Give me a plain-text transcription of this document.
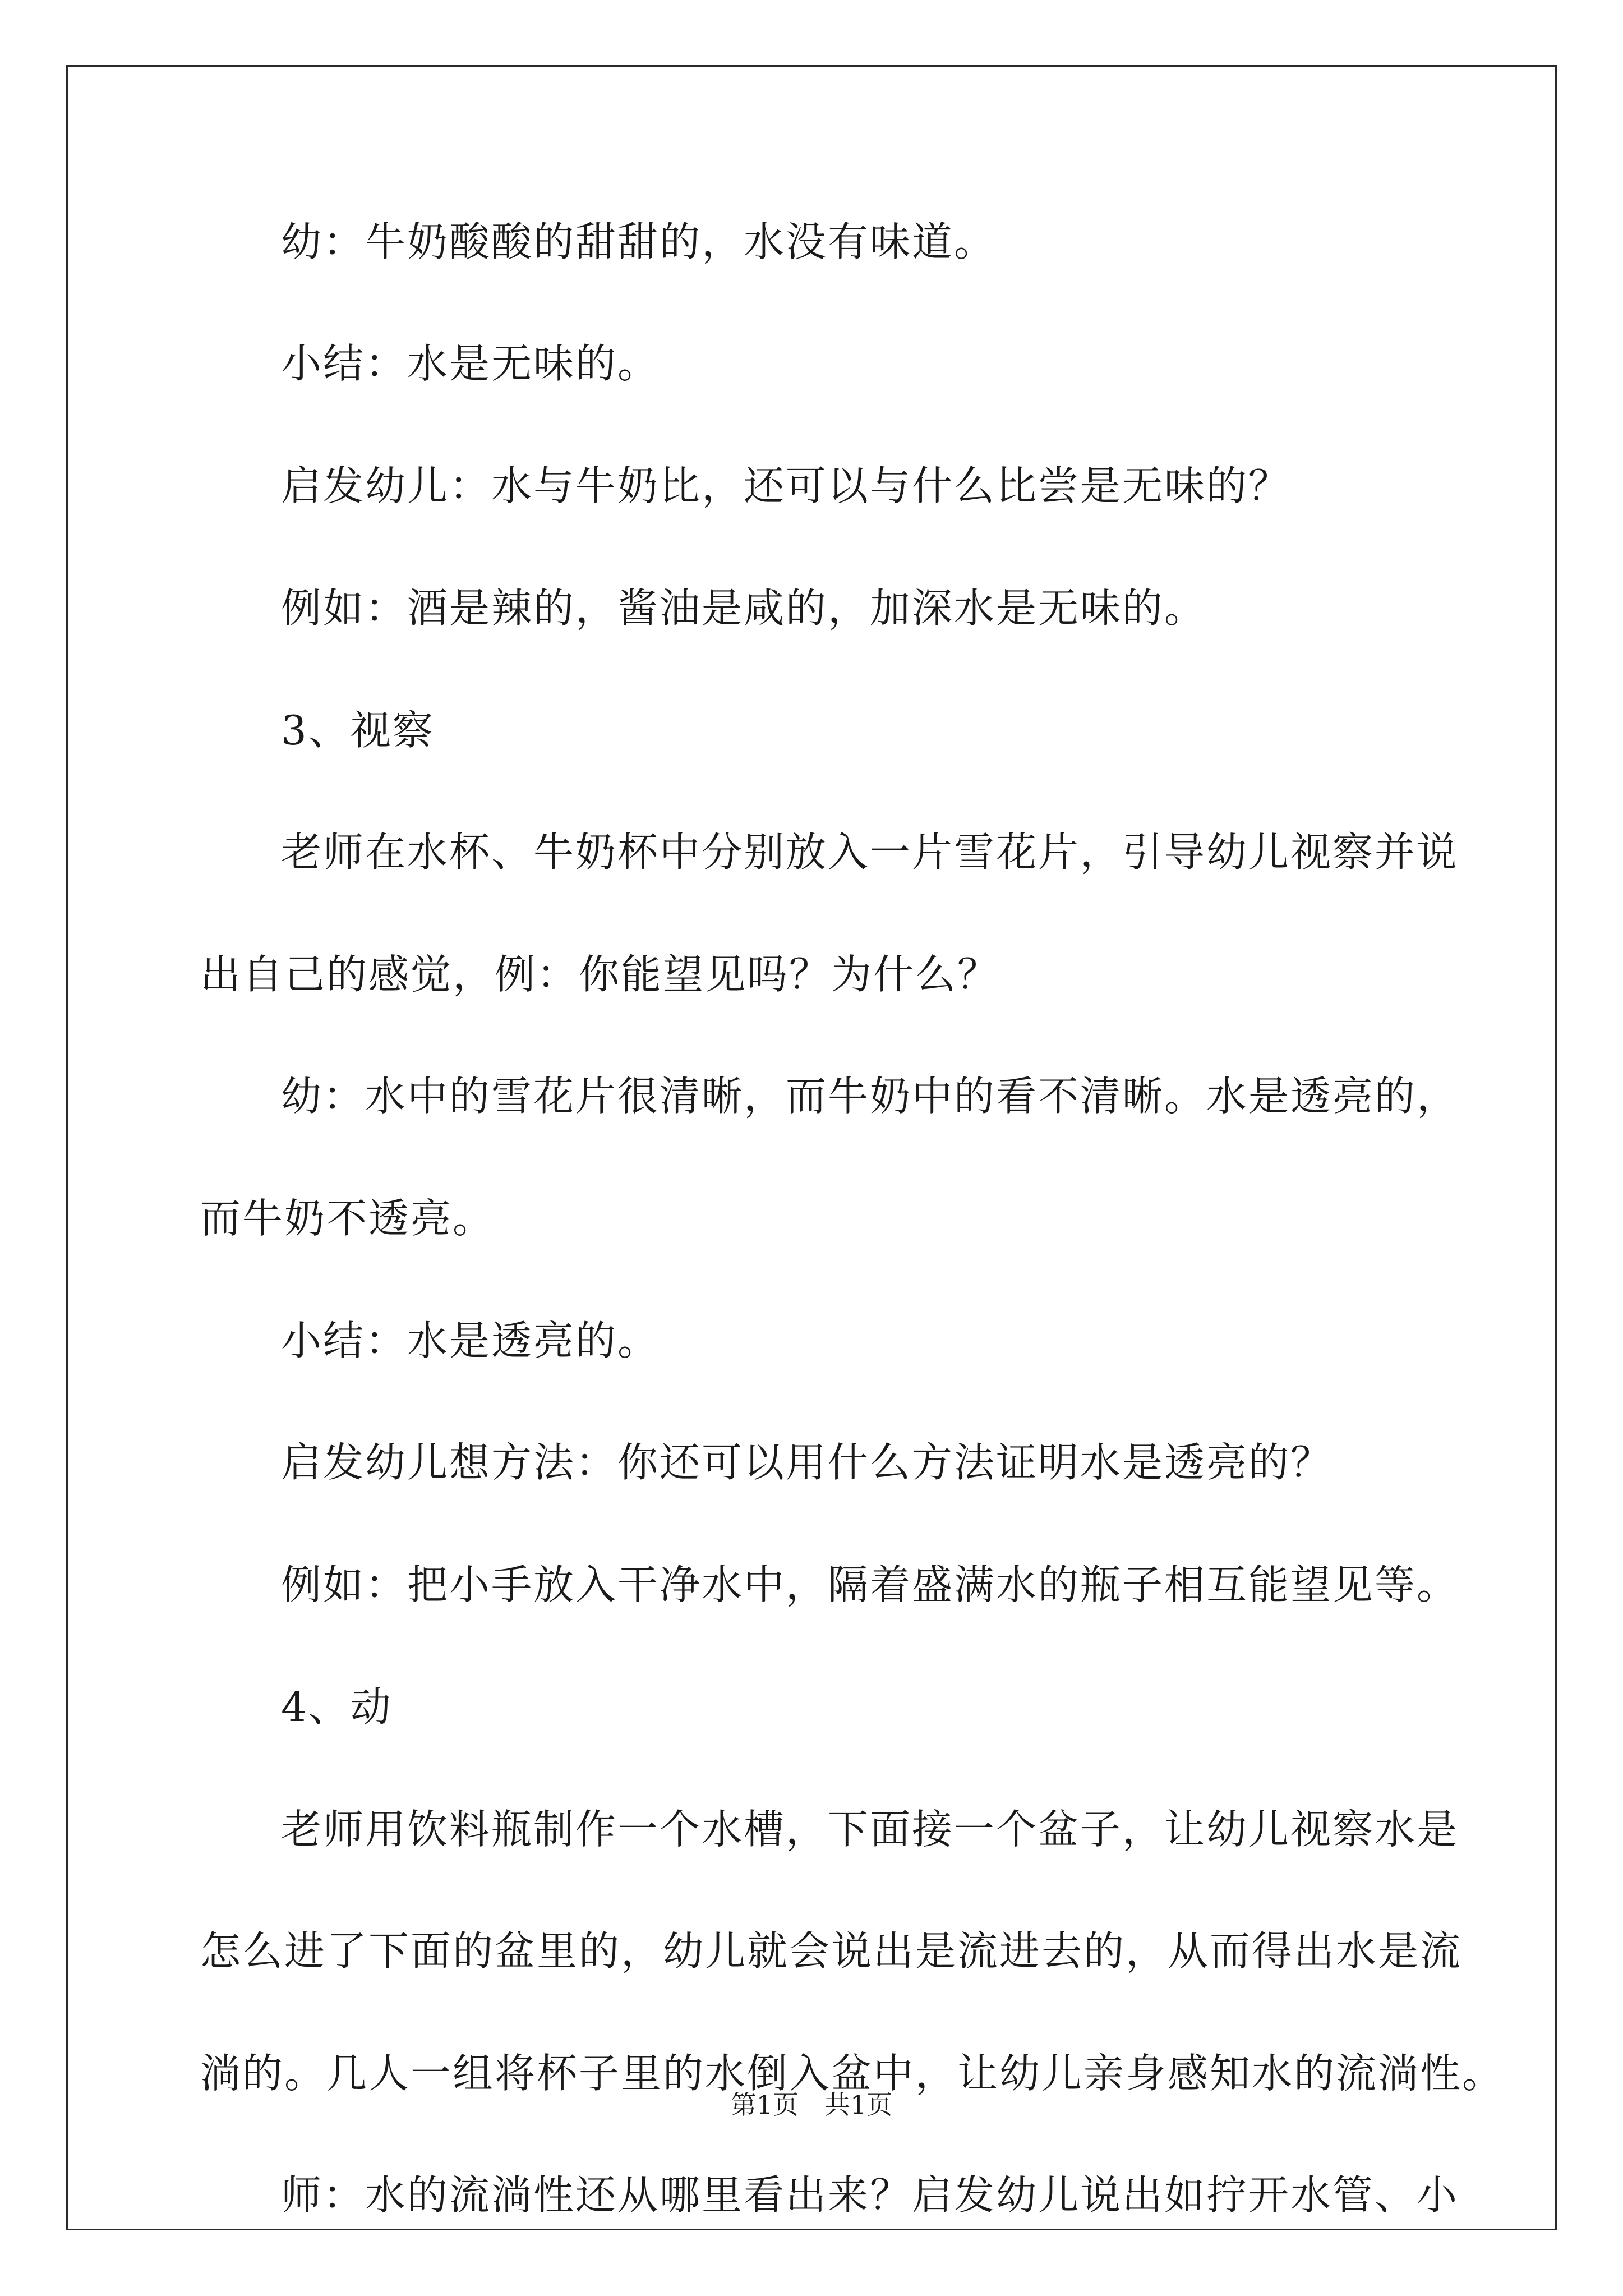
幼：牛奶酸酸的甜甜的，水没有味道。

小结：水是无味的。

启发幼儿：水与牛奶比，还可以与什么比尝是无味的？

例如：酒是辣的，酱油是咸的，加深水是无味的。

3、视察

老师在水杯、牛奶杯中分别放入一片雪花片，引导幼儿视察并说

出自己的感觉，例：你能望见吗？为什么？

幼：水中的雪花片很清晰，而牛奶中的看不清晰。水是透亮的，

而牛奶不透亮。

小结：水是透亮的。

启发幼儿想方法：你还可以用什么方法证明水是透亮的？

例如：把小手放入干净水中，隔着盛满水的瓶子相互能望见等。

4、动

老师用饮料瓶制作一个水槽，下面接一个盆子，让幼儿视察水是

怎么进了下面的盆里的，幼儿就会说出是流进去的，从而得出水是流

淌的。几人一组将杯子里的水倒入盆中，让幼儿亲身感知水的流淌性。

师：水的流淌性还从哪里看出来？启发幼儿说出如拧开水管、小

第1页　共1页
